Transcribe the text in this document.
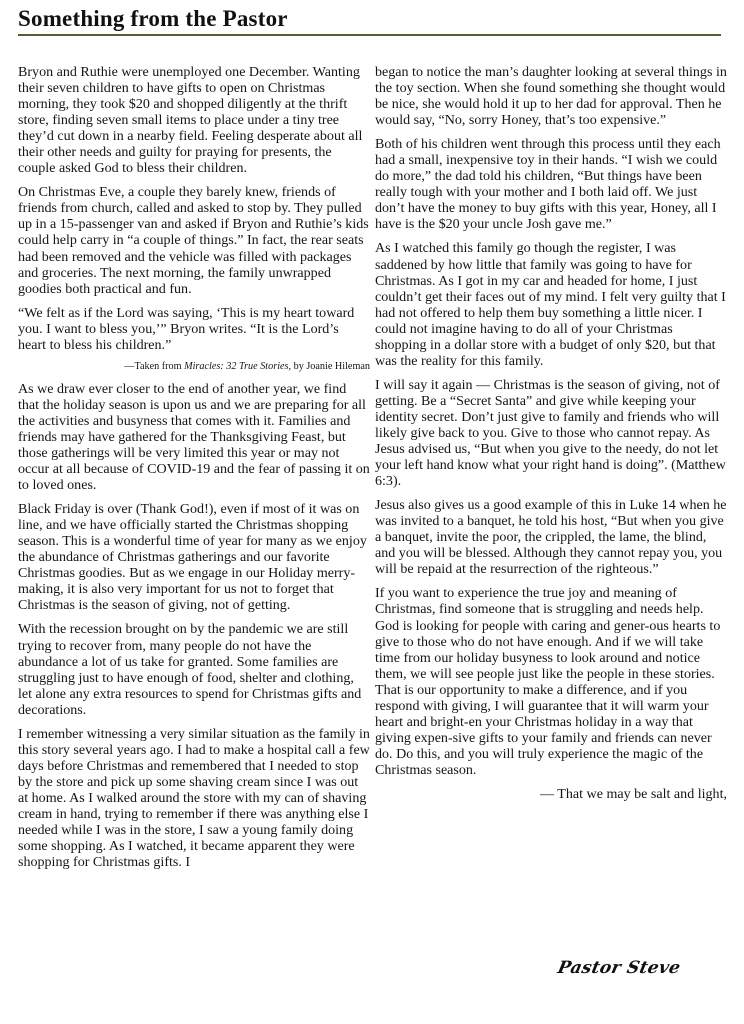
Something from the Pastor

Bryon and Ruthie were unemployed one December. Wanting their seven children to have gifts to open on Christmas morning, they took $20 and shopped diligently at the thrift store, finding seven small items to place under a tiny tree they’d cut down in a nearby field. Feeling desperate about all their other needs and guilty for praying for presents, the couple asked God to bless their children.

On Christmas Eve, a couple they barely knew, friends of friends from church, called and asked to stop by. They pulled up in a 15-passenger van and asked if Bryon and Ruthie’s kids could help carry in “a couple of things.” In fact, the rear seats had been removed and the vehicle was filled with packages and groceries. The next morning, the family unwrapped goodies both practical and fun.

“We felt as if the Lord was saying, ‘This is my heart toward you. I want to bless you,’” Bryon writes. “It is the Lord’s heart to bless his children.”

—Taken from Miracles: 32 True Stories, by Joanie Hileman

As we draw ever closer to the end of another year, we find that the holiday season is upon us and we are preparing for all the activities and busyness that comes with it. Families and friends may have gathered for the Thanksgiving Feast, but those gatherings will be very limited this year or may not occur at all because of COVID-19 and the fear of passing it on to loved ones.

Black Friday is over (Thank God!), even if most of it was on line, and we have officially started the Christmas shopping season. This is a wonderful time of year for many as we enjoy the abundance of Christmas gatherings and our favorite Christmas goodies. But as we engage in our Holiday merry-making, it is also very important for us not to forget that Christmas is the season of giving, not of getting.

With the recession brought on by the pandemic we are still trying to recover from, many people do not have the abundance a lot of us take for granted. Some families are struggling just to have enough of food, shelter and clothing, let alone any extra resources to spend for Christmas gifts and decorations.

I remember witnessing a very similar situation as the family in this story several years ago. I had to make a hospital call a few days before Christmas and remembered that I needed to stop by the store and pick up some shaving cream since I was out at home. As I walked around the store with my can of shaving cream in hand, trying to remember if there was anything else I needed while I was in the store, I saw a young family doing some shopping. As I watched, it became apparent they were shopping for Christmas gifts. I

began to notice the man’s daughter looking at several things in the toy section. When she found something she thought would be nice, she would hold it up to her dad for approval. Then he would say, “No, sorry Honey, that’s too expensive.”

Both of his children went through this process until they each had a small, inexpensive toy in their hands. “I wish we could do more,” the dad told his children, “But things have been really tough with your mother and I both laid off. We just don’t have the money to buy gifts with this year, Honey, all I have is the $20 your uncle Josh gave me.”

As I watched this family go though the register, I was saddened by how little that family was going to have for Christmas. As I got in my car and headed for home, I just couldn’t get their faces out of my mind. I felt very guilty that I had not offered to help them buy something a little nicer. I could not imagine having to do all of your Christmas shopping in a dollar store with a budget of only $20, but that was the reality for this family.

I will say it again — Christmas is the season of giving, not of getting. Be a “Secret Santa” and give while keeping your identity secret. Don’t just give to family and friends who will likely give back to you. Give to those who cannot repay. As Jesus advised us, “But when you give to the needy, do not let your left hand know what your right hand is doing”. (Matthew 6:3).

Jesus also gives us a good example of this in Luke 14 when he was invited to a banquet, he told his host, “But when you give a banquet, invite the poor, the crippled, the lame, the blind, and you will be blessed. Although they cannot repay you, you will be repaid at the resurrection of the righteous.”

If you want to experience the true joy and meaning of Christmas, find someone that is struggling and needs help. God is looking for people with caring and gener-ous hearts to give to those who do not have enough. And if we will take time from our holiday busyness to look around and notice them, we will see people just like the people in these stories. That is our opportunity to make a difference, and if you respond with giving, I will guarantee that it will warm your heart and bright-en your Christmas holiday in a way that giving expen-sive gifts to your family and friends can never do. Do this, and you will truly experience the magic of the Christmas season.

— That we may be salt and light,

Pastor Steve
